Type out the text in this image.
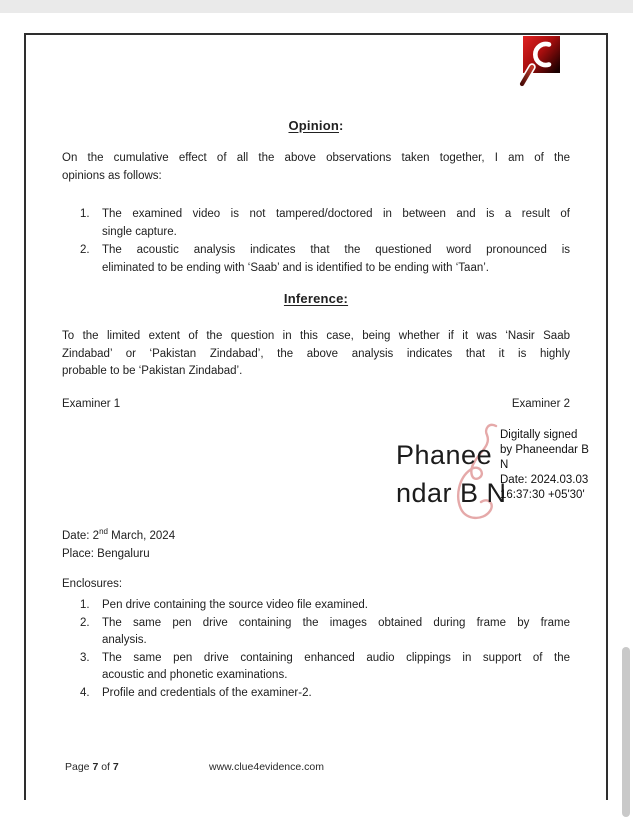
Opinion:
On the cumulative effect of all the above observations taken together, I am of the
opinions as follows:
1.	The examined video is not tampered/doctored in between and is a result of
single capture.
2.	The acoustic analysis indicates that the questioned word pronounced is
eliminated to be ending with ‘Saab’ and is identified to be ending with ‘Taan’.
Inference:
To the limited extent of the question in this case, being whether if it was ‘Nasir Saab
Zindabad’ or ‘Pakistan Zindabad’, the above analysis indicates that it is highly
probable to be ‘Pakistan Zindabad’.
Examiner 1	Examiner 2
Phanee
ndar B N
Digitally signed
by Phaneendar B
N
Date: 2024.03.03
16:37:30 +05'30'
Date: 2nd March, 2024
Place: Bengaluru
Enclosures:
1.	Pen drive containing the source video file examined.
2.	The same pen drive containing the images obtained during frame by frame
analysis.
3.	The same pen drive containing enhanced audio clippings in support of the
acoustic and phonetic examinations.
4.	Profile and credentials of the examiner-2.
Page 7 of 7	www.clue4evidence.com
